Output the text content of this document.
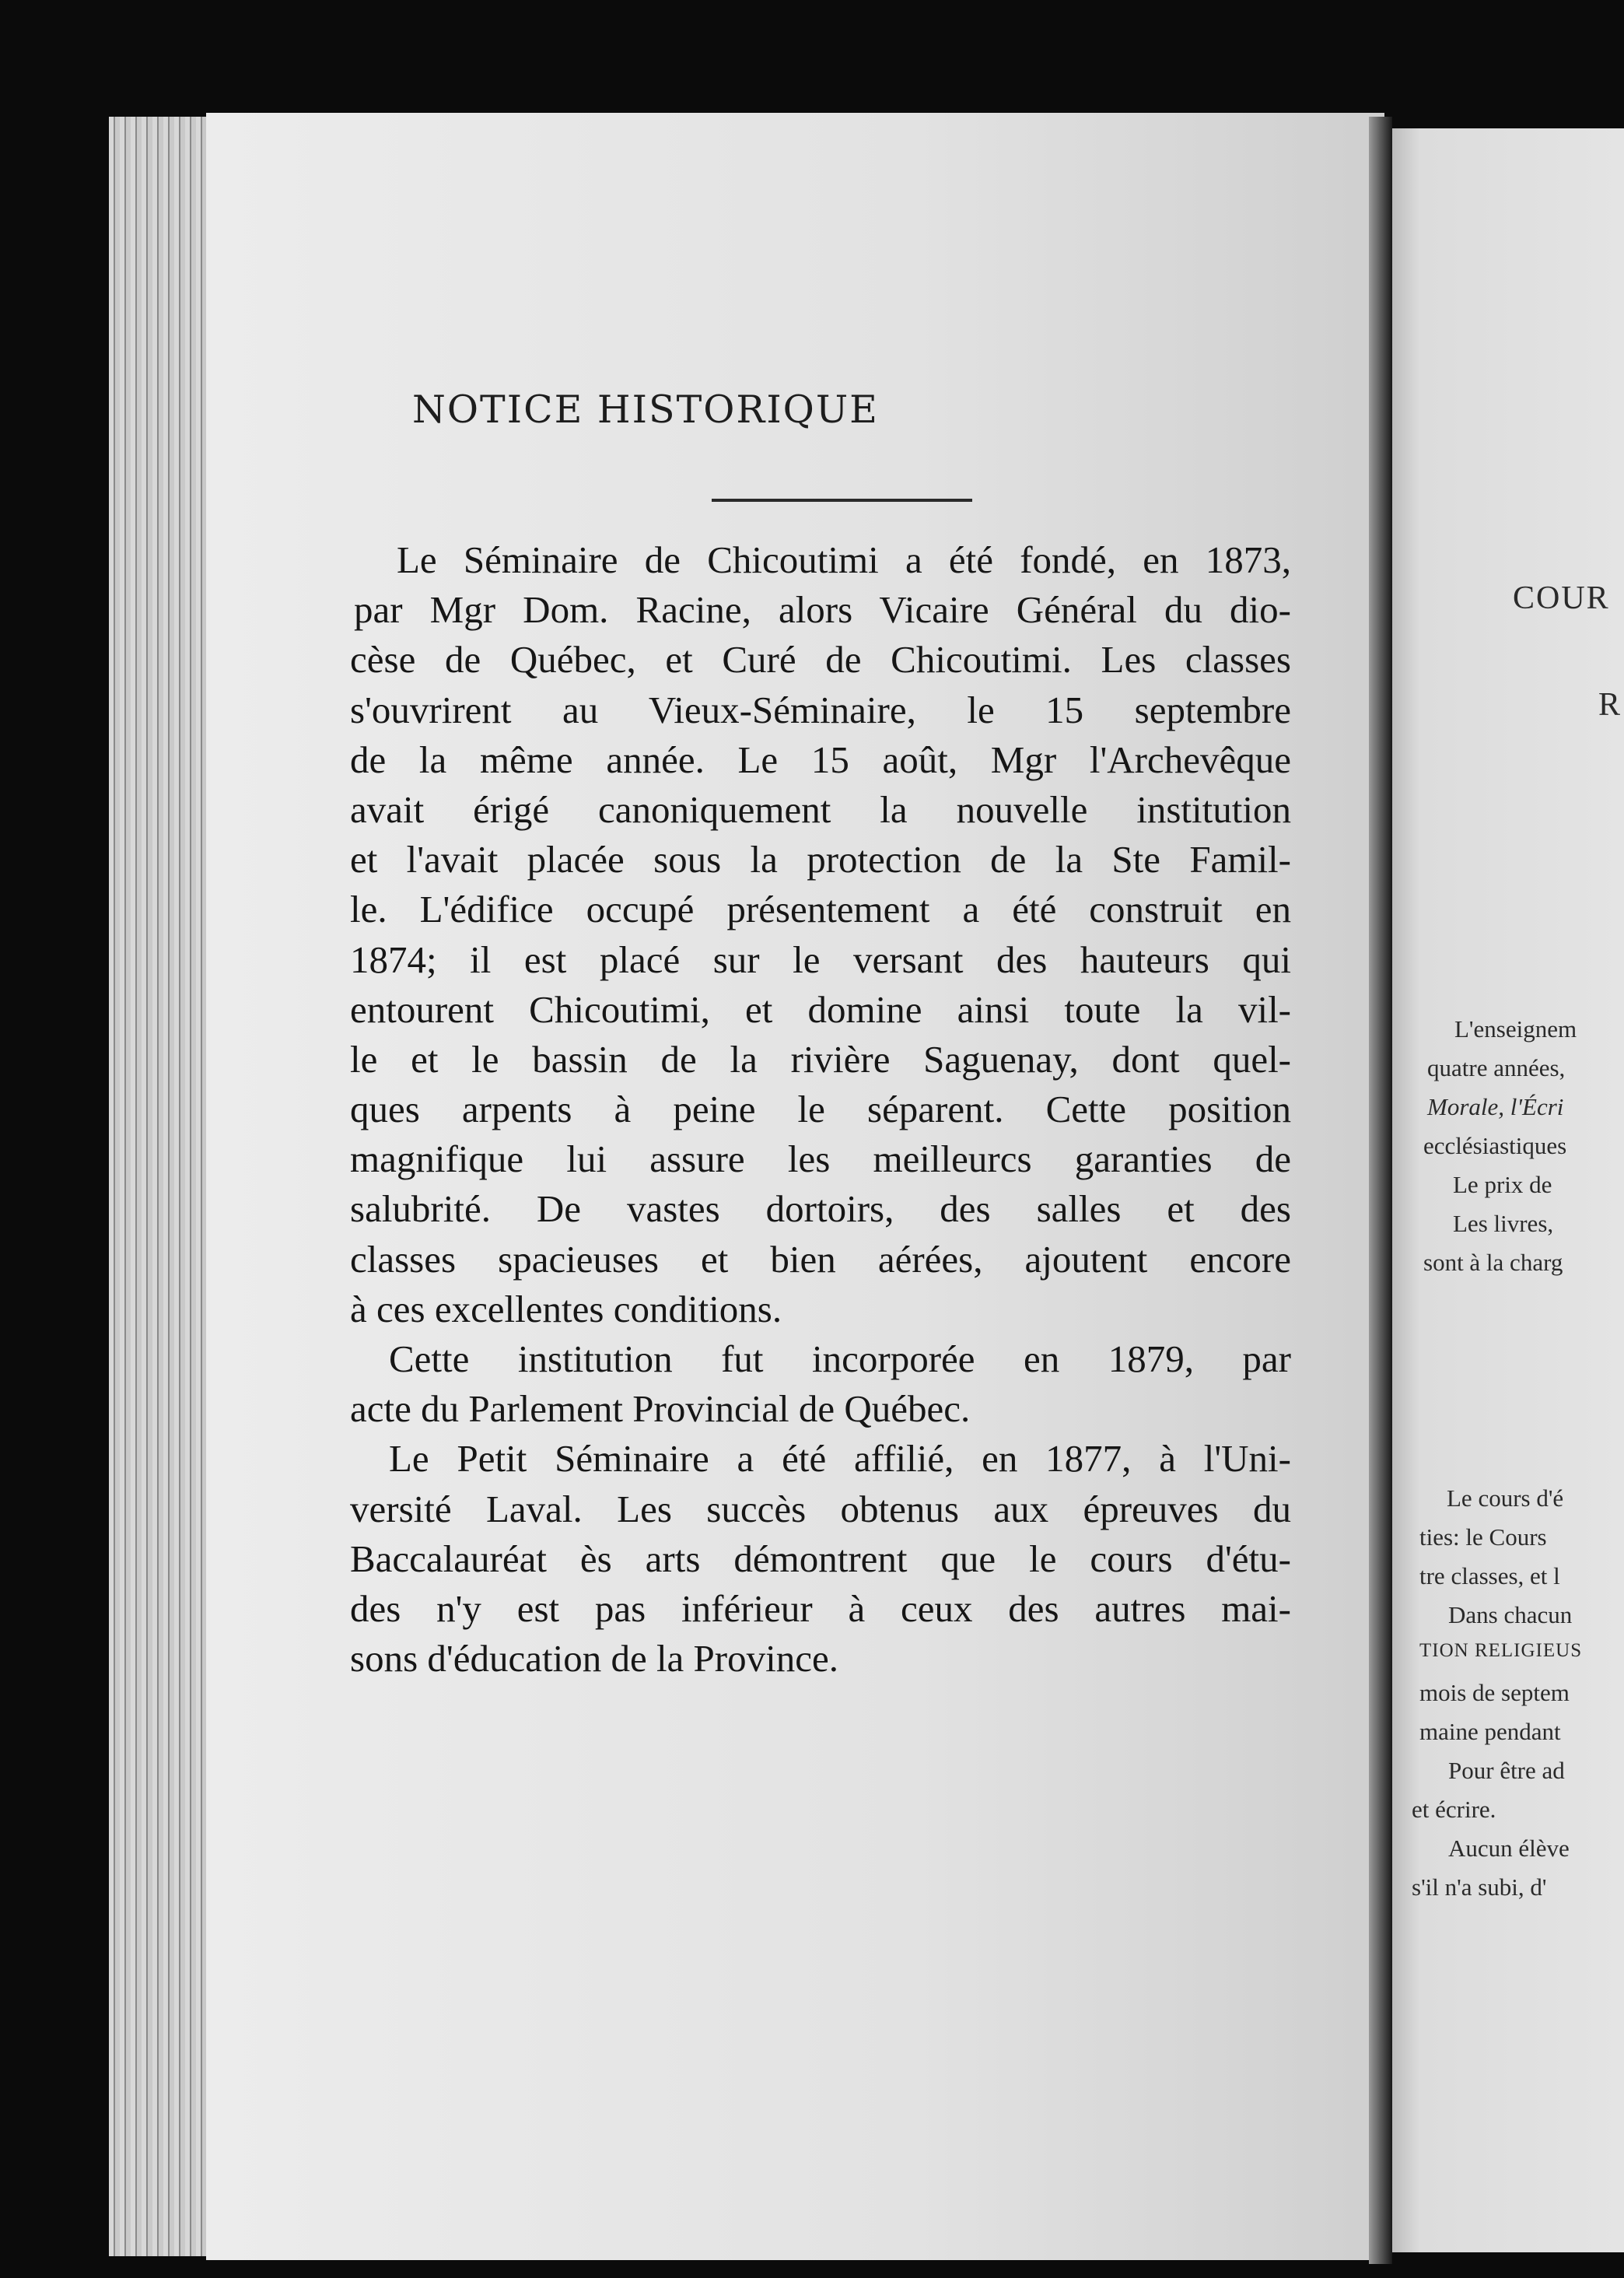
NOTICE HISTORIQUE
Le Séminaire de Chicoutimi a été fondé, en 1873,
par Mgr Dom. Racine, alors Vicaire Général du dio-
cèse de Québec, et Curé de Chicoutimi. Les classes
s'ouvrirent au Vieux-Séminaire, le 15 septembre
de la même année. Le 15 août, Mgr l'Archevêque
avait érigé canoniquement la nouvelle institution
et l'avait placée sous la protection de la Ste Famil-
le. L'édifice occupé présentement a été construit en
1874; il est placé sur le versant des hauteurs qui
entourent Chicoutimi, et domine ainsi toute la vil-
le et le bassin de la rivière Saguenay, dont quel-
ques arpents à peine le séparent. Cette position
magnifique lui assure les meilleurcs garanties de
salubrité. De vastes dortoirs, des salles et des
classes spacieuses et bien aérées, ajoutent encore
à ces excellentes conditions.
Cette institution fut incorporée en 1879, par
acte du Parlement Provincial de Québec.
Le Petit Séminaire a été affilié, en 1877, à l'Uni-
versité Laval. Les succès obtenus aux épreuves du
Baccalauréat ès arts démontrent que le cours d'étu-
des n'y est pas inférieur à ceux des autres mai-
sons d'éducation de la Province.
COUR
R
L'enseignem
quatre années,
Morale, l'Écri
ecclésiastiques
Le prix de
Les livres,
sont à la charg
Le cours d'é
ties: le Cours
tre classes, et l
Dans chacun
TION RELIGIEUS
mois de septem
maine pendant
Pour être ad
et écrire.
Aucun élève
s'il n'a subi, d'
